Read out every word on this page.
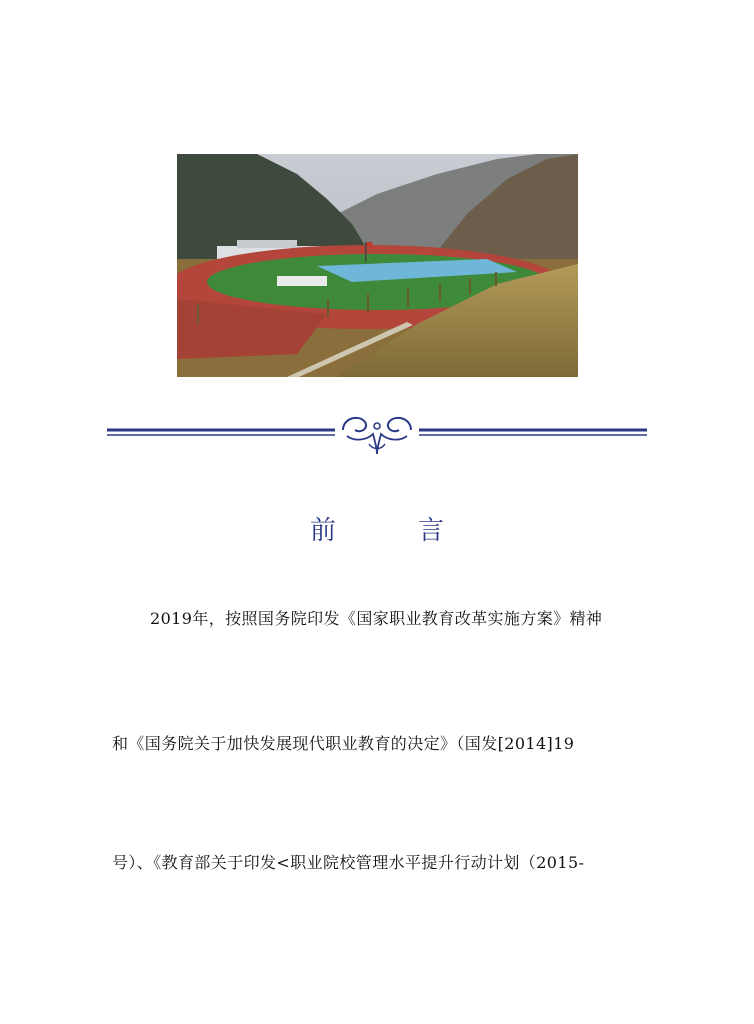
前　言
2019年，按照国务院印发《国家职业教育改革实施方案》精神
和《国务院关于加快发展现代职业教育的决定》（国发[2014]19
号）、《教育部关于印发<职业院校管理水平提升行动计划（2015-
